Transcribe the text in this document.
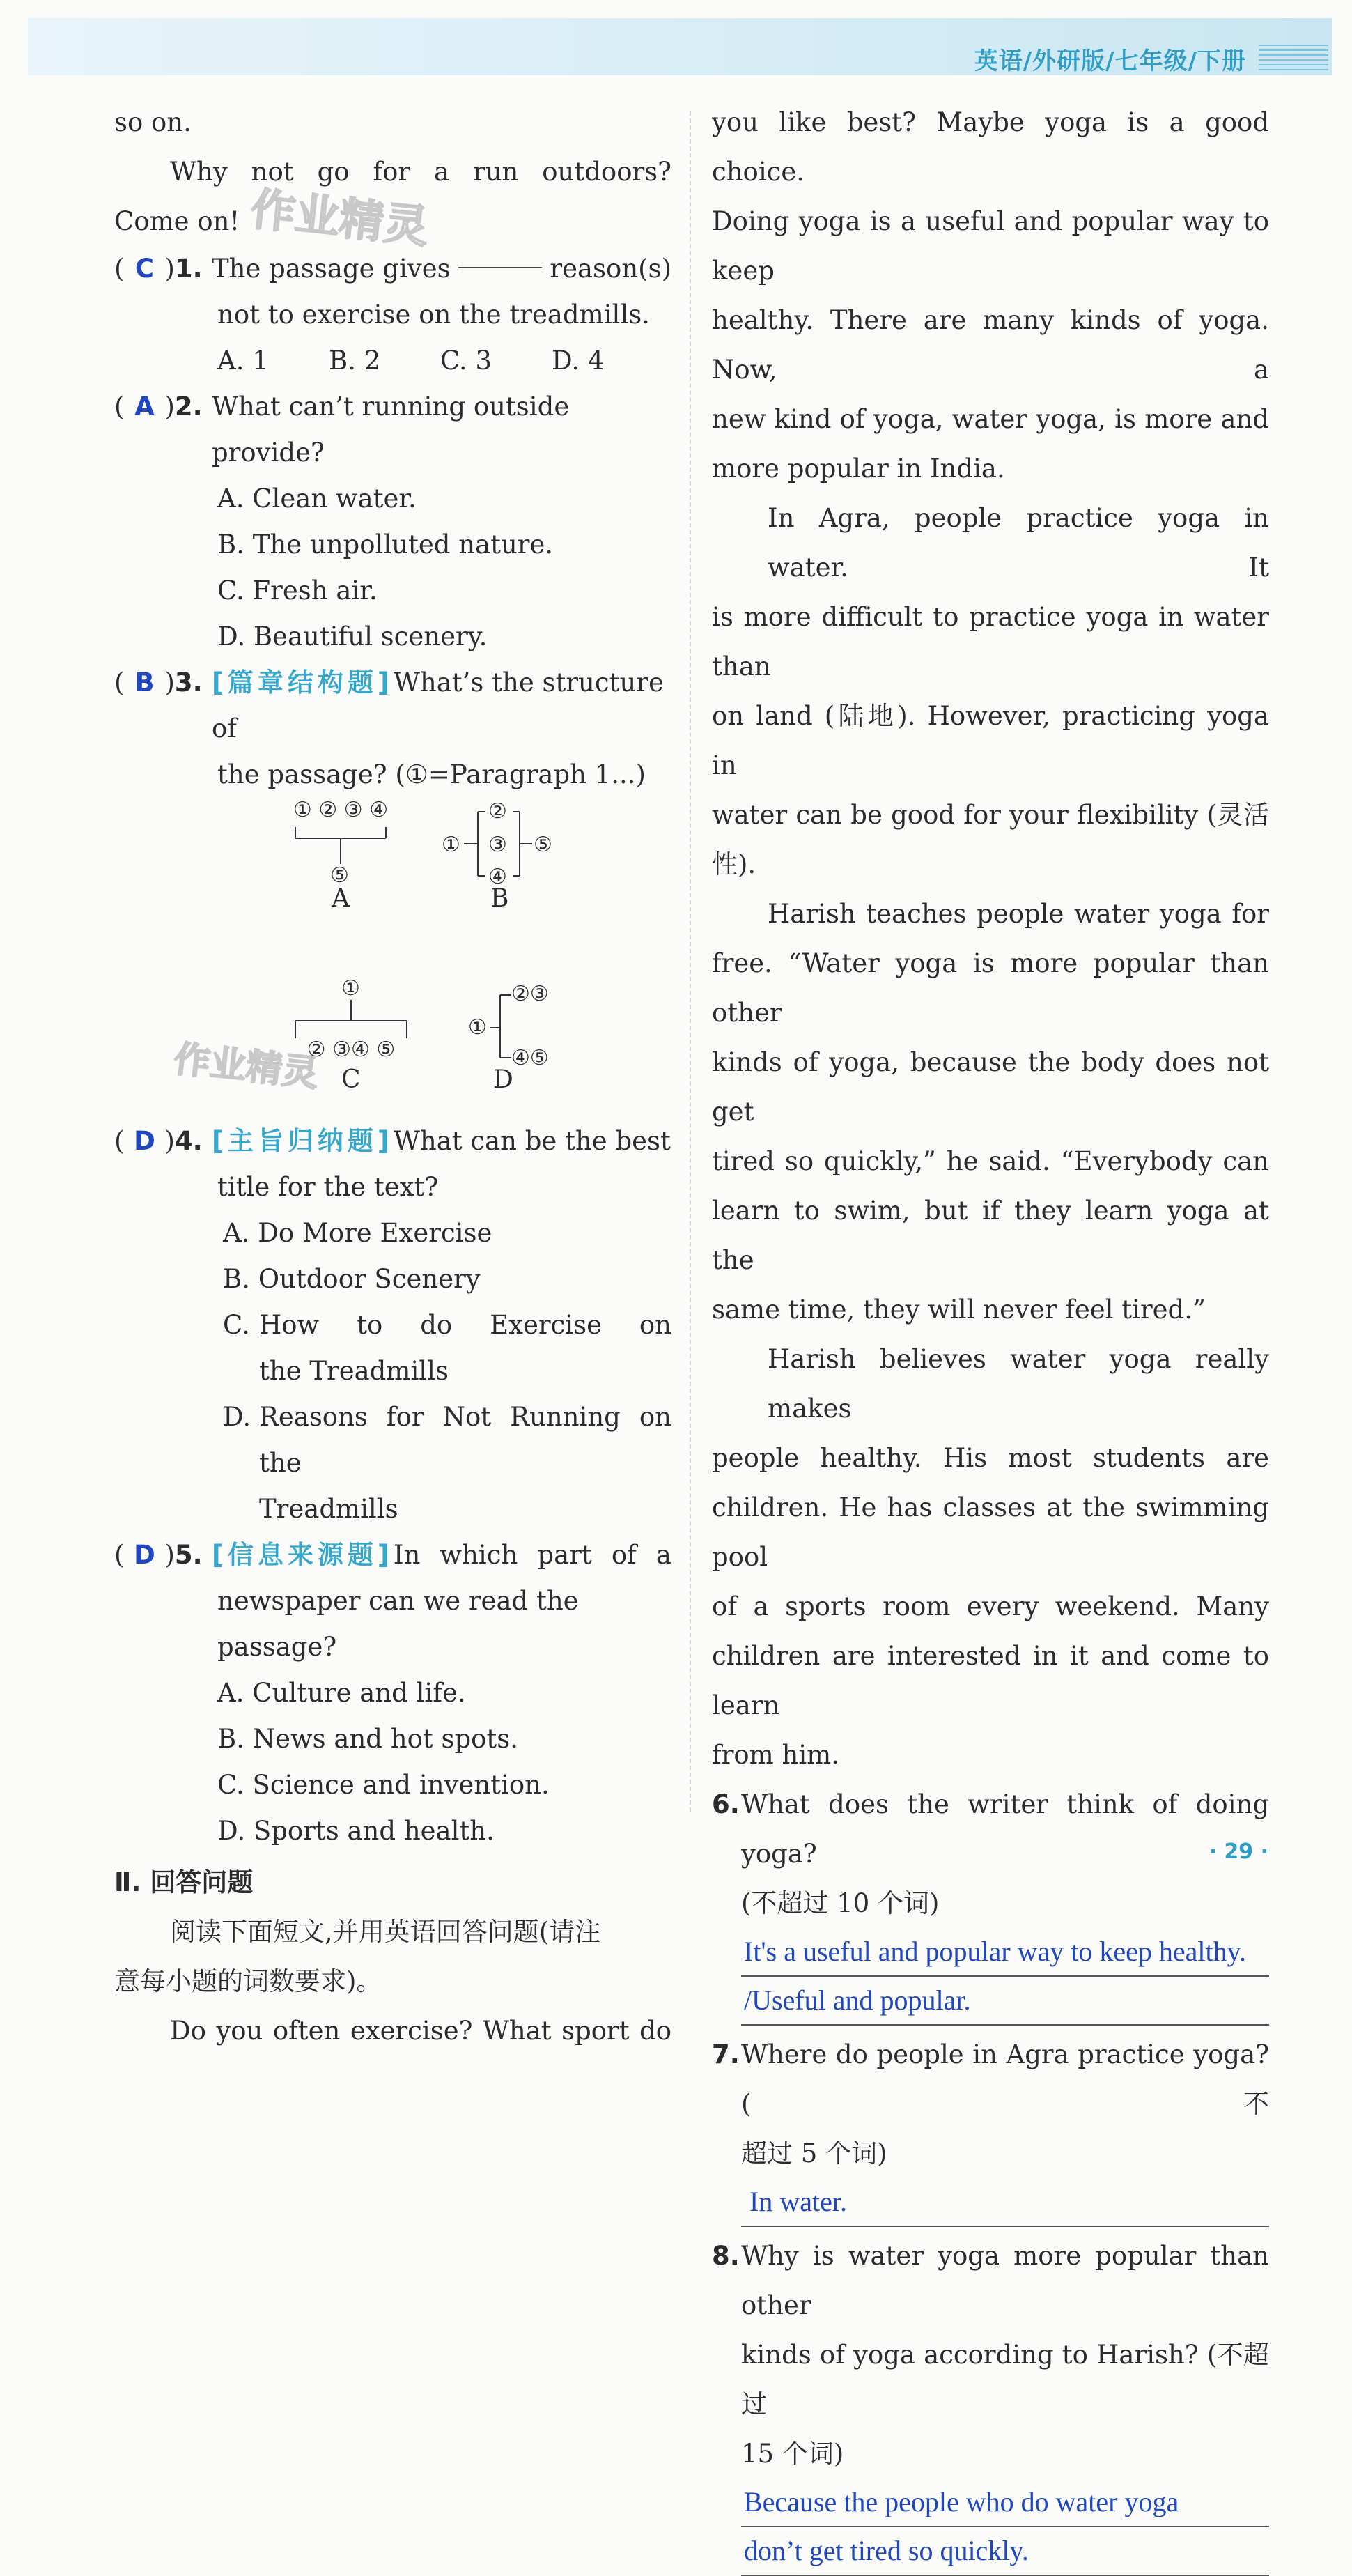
英语/外研版/七年级/下册
作业精灵
作业精灵

so on.

Why not go for a run outdoors?

Come on!

( C )1. The passage gives	reason(s)
not to exercise on the treadmills.
A. 1	B. 2	C. 3	D. 4
( A )2. What can’t running outside provide?
A. Clean water.
B. The unpolluted nature.
C. Fresh air.
D. Beautiful scenery.
( B )3. [篇章结构题]What’s the structure of
the passage? (①=Paragraph 1...)
① ② ③ ④
⑤
A
①
②
③
④
⑤
B
①
② ③④ ⑤
C
①
②③
④⑤
D
( D )4. [主旨归纳题]What can be the best
title for the text?
A. Do More Exercise
B. Outdoor Scenery
C. How to do Exercise on
the Treadmills
D. Reasons for Not Running on the
Treadmills
( D )5. [信息来源题] In which part of a
newspaper can we read the passage?
A. Culture and life.
B. News and hot spots.
C. Science and invention.
D. Sports and health.
Ⅱ. 回答问题

阅读下面短文,并用英语回答问题(请注

意每小题的词数要求)。

Do you often exercise? What sport do

you like best? Maybe yoga is a good choice.

Doing yoga is a useful and popular way to keep

healthy. There are many kinds of yoga. Now, a

new kind of yoga, water yoga, is more and

more popular in India.

In Agra, people practice yoga in water. It

is more difficult to practice yoga in water than

on land (陆地). However, practicing yoga in

water can be good for your flexibility (灵活

性).

Harish teaches people water yoga for

free. “Water yoga is more popular than other

kinds of yoga, because the body does not get

tired so quickly,” he said. “Everybody can

learn to swim, but if they learn yoga at the

same time, they will never feel tired.”

Harish believes water yoga really makes

people healthy. His most students are

children. He has classes at the swimming pool

of a sports room every weekend. Many

children are interested in it and come to learn

from him.

6. What does the writer think of doing yoga?
(不超过 10 个词)
It's a useful and popular way to keep healthy.
/Useful and popular.
7. Where do people in Agra practice yoga? (不
超过 5 个词)
In water.
8. Why is water yoga more popular than other
kinds of yoga according to Harish? (不超过
15 个词)
Because the people who do water yoga
don’t get tired so quickly.
· 29 ·
